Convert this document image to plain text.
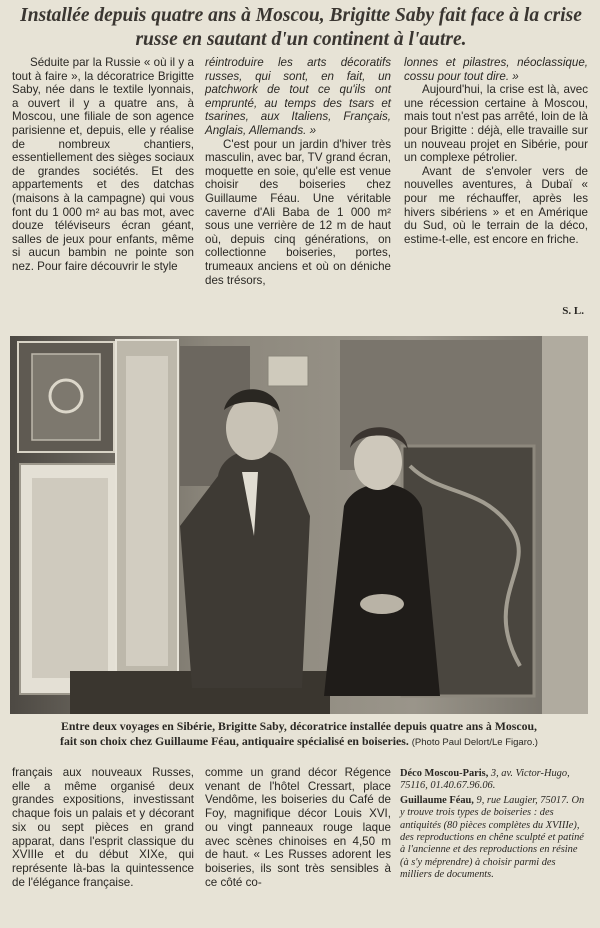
Installée depuis quatre ans à Moscou, Brigitte Saby fait face à la crise russe en sautant d'un continent à l'autre.

Séduite par la Russie « où il y a tout à faire », la décoratrice Brigitte Saby, née dans le textile lyonnais, a ouvert il y a quatre ans, à Moscou, une filiale de son agence parisienne et, depuis, elle y réalise de nombreux chantiers, essentiellement des sièges sociaux de grandes sociétés. Et des appartements et des datchas (maisons à la campagne) qui vous font du 1 000 m² au bas mot, avec douze téléviseurs écran géant, salles de jeux pour enfants, même si aucun bambin ne pointe son nez. Pour faire découvrir le style

réintroduire les arts décoratifs russes, qui sont, en fait, un patchwork de tout ce qu'ils ont emprunté, au temps des tsars et tsarines, aux Italiens, Français, Anglais, Allemands. »

C'est pour un jardin d'hiver très masculin, avec bar, TV grand écran, moquette en soie, qu'elle est venue choisir des boiseries chez Guillaume Féau. Une véritable caverne d'Ali Baba de 1 000 m² sous une verrière de 12 m de haut où, depuis cinq générations, on collectionne boiseries, portes, trumeaux anciens et où on déniche des trésors,

lonnes et pilastres, néoclassique, cossu pour tout dire. »

Aujourd'hui, la crise est là, avec une récession certaine à Moscou, mais tout n'est pas arrêté, loin de là pour Brigitte : déjà, elle travaille sur un nouveau projet en Sibérie, pour un complexe pétrolier.

Avant de s'envoler vers de nouvelles aventures, à Dubaï « pour me réchauffer, après les hivers sibériens » et en Amérique du Sud, où le terrain de la déco, estime-t-elle, est encore en friche.

S. L.
Entre deux voyages en Sibérie, Brigitte Saby, décoratrice installée depuis quatre ans à Moscou,
fait son choix chez Guillaume Féau, antiquaire spécialisé en boiseries. (Photo Paul Delort/Le Figaro.)

français aux nouveaux Russes, elle a même organisé deux grandes expositions, investissant chaque fois un palais et y décorant six ou sept pièces en grand apparat, dans l'esprit classique du XVIIIe et du début XIXe, qui représente là-bas la quintessence de l'élégance française.

comme un grand décor Régence venant de l'hôtel Cressart, place Vendôme, les boiseries du Café de Foy, magnifique décor Louis XVI, ou vingt panneaux rouge laque avec scènes chinoises en 4,50 m de haut. « Les Russes adorent les boiseries, ils sont très sensibles à ce côté co-

Déco Moscou-Paris, 3, av. Victor-Hugo, 75116, 01.40.67.96.06.

Guillaume Féau, 9, rue Laugier, 75017. On y trouve trois types de boiseries : des antiquités (80 pièces complètes du XVIIIe), des reproductions en chêne sculpté et patiné à l'ancienne et des reproductions en résine (à s'y méprendre) à choisir parmi des milliers de documents.
